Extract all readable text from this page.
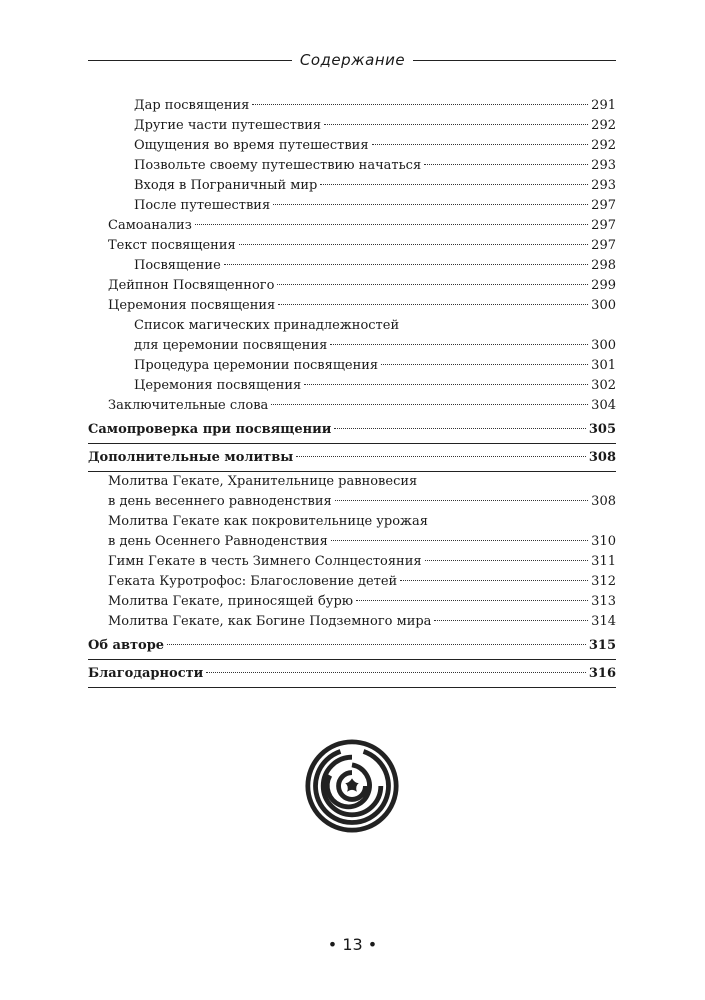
Содержание
Дар посвящения	291
Другие части путешествия	292
Ощущения во время путешествия	292
Позвольте своему путешествию начаться	293
Входя в Пограничный мир	293
После путешествия	297
Самоанализ	297
Текст посвящения	297
Посвящение	298
Дейпнон Посвященного	299
Церемония посвящения	300
Список магических принадлежностей
для церемонии посвящения	300
Процедура церемонии посвящения	301
Церемония посвящения	302
Заключительные слова	304
Самопроверка при посвящении	305
Дополнительные молитвы	308
Молитва Гекате, Хранительнице равновесия
в день весеннего равноденствия	308
Молитва Гекате как покровительнице урожая
в день Осеннего Равноденствия	310
Гимн Гекате в честь Зимнего Солнцестояния	311
Геката Куротрофос: Благословение детей	312
Молитва Гекате, приносящей бурю	313
Молитва Гекате, как Богине Подземного мира	314
Об авторе	315
Благодарности	316
• 13 •
